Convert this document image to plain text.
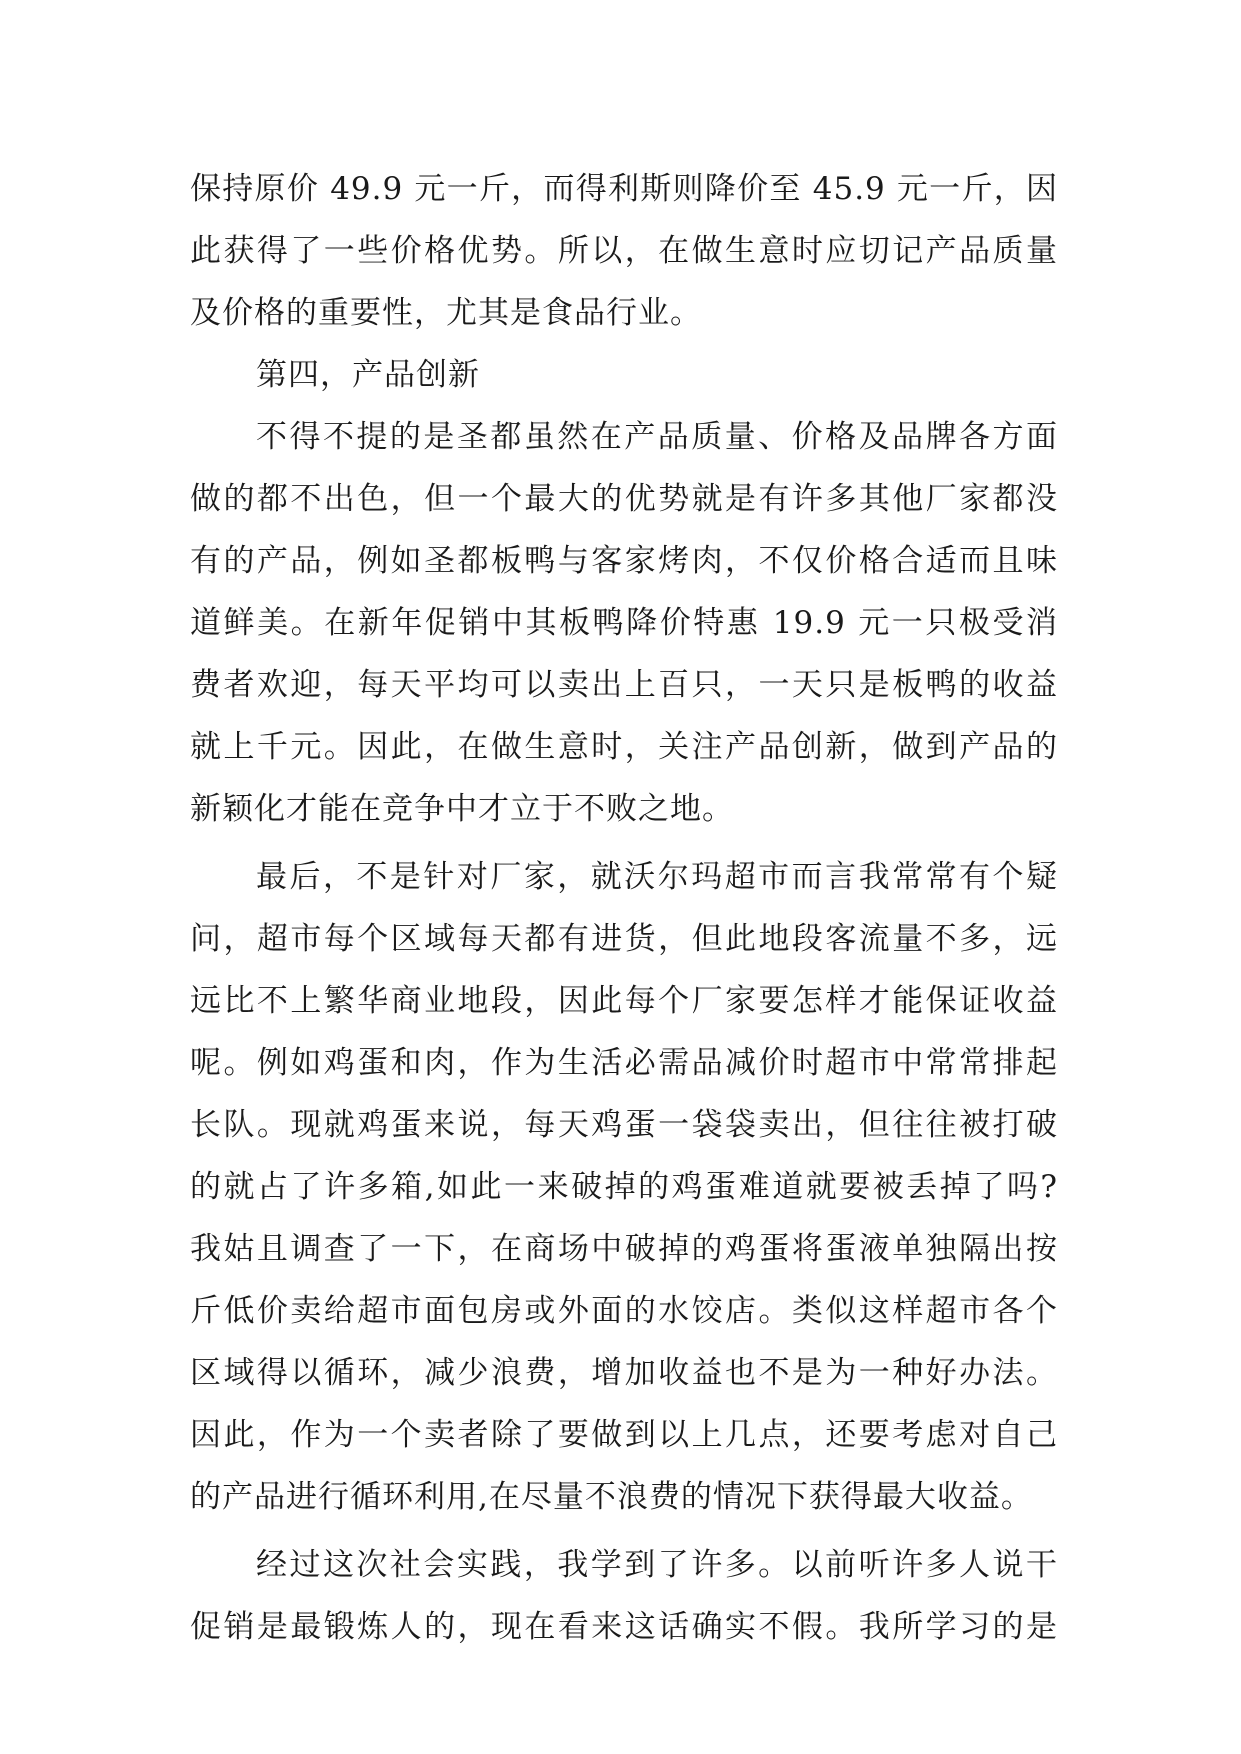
保持原价 49.9 元一斤，而得利斯则降价至 45.9 元一斤，因
此获得了一些价格优势。所以，在做生意时应切记产品质量
及价格的重要性，尤其是食品行业。
第四，产品创新
不得不提的是圣都虽然在产品质量、价格及品牌各方面
做的都不出色，但一个最大的优势就是有许多其他厂家都没
有的产品，例如圣都板鸭与客家烤肉，不仅价格合适而且味
道鲜美。在新年促销中其板鸭降价特惠 19.9 元一只极受消
费者欢迎，每天平均可以卖出上百只，一天只是板鸭的收益
就上千元。因此，在做生意时，关注产品创新，做到产品的
新颖化才能在竞争中才立于不败之地。
最后，不是针对厂家，就沃尔玛超市而言我常常有个疑
问，超市每个区域每天都有进货，但此地段客流量不多，远
远比不上繁华商业地段，因此每个厂家要怎样才能保证收益
呢。例如鸡蛋和肉，作为生活必需品减价时超市中常常排起
长队。现就鸡蛋来说，每天鸡蛋一袋袋卖出，但往往被打破
的就占了许多箱,如此一来破掉的鸡蛋难道就要被丢掉了吗?
我姑且调查了一下，在商场中破掉的鸡蛋将蛋液单独隔出按
斤低价卖给超市面包房或外面的水饺店。类似这样超市各个
区域得以循环，减少浪费，增加收益也不是为一种好办法。
因此，作为一个卖者除了要做到以上几点，还要考虑对自己
的产品进行循环利用,在尽量不浪费的情况下获得最大收益。
经过这次社会实践，我学到了许多。以前听许多人说干
促销是最锻炼人的，现在看来这话确实不假。我所学习的是
